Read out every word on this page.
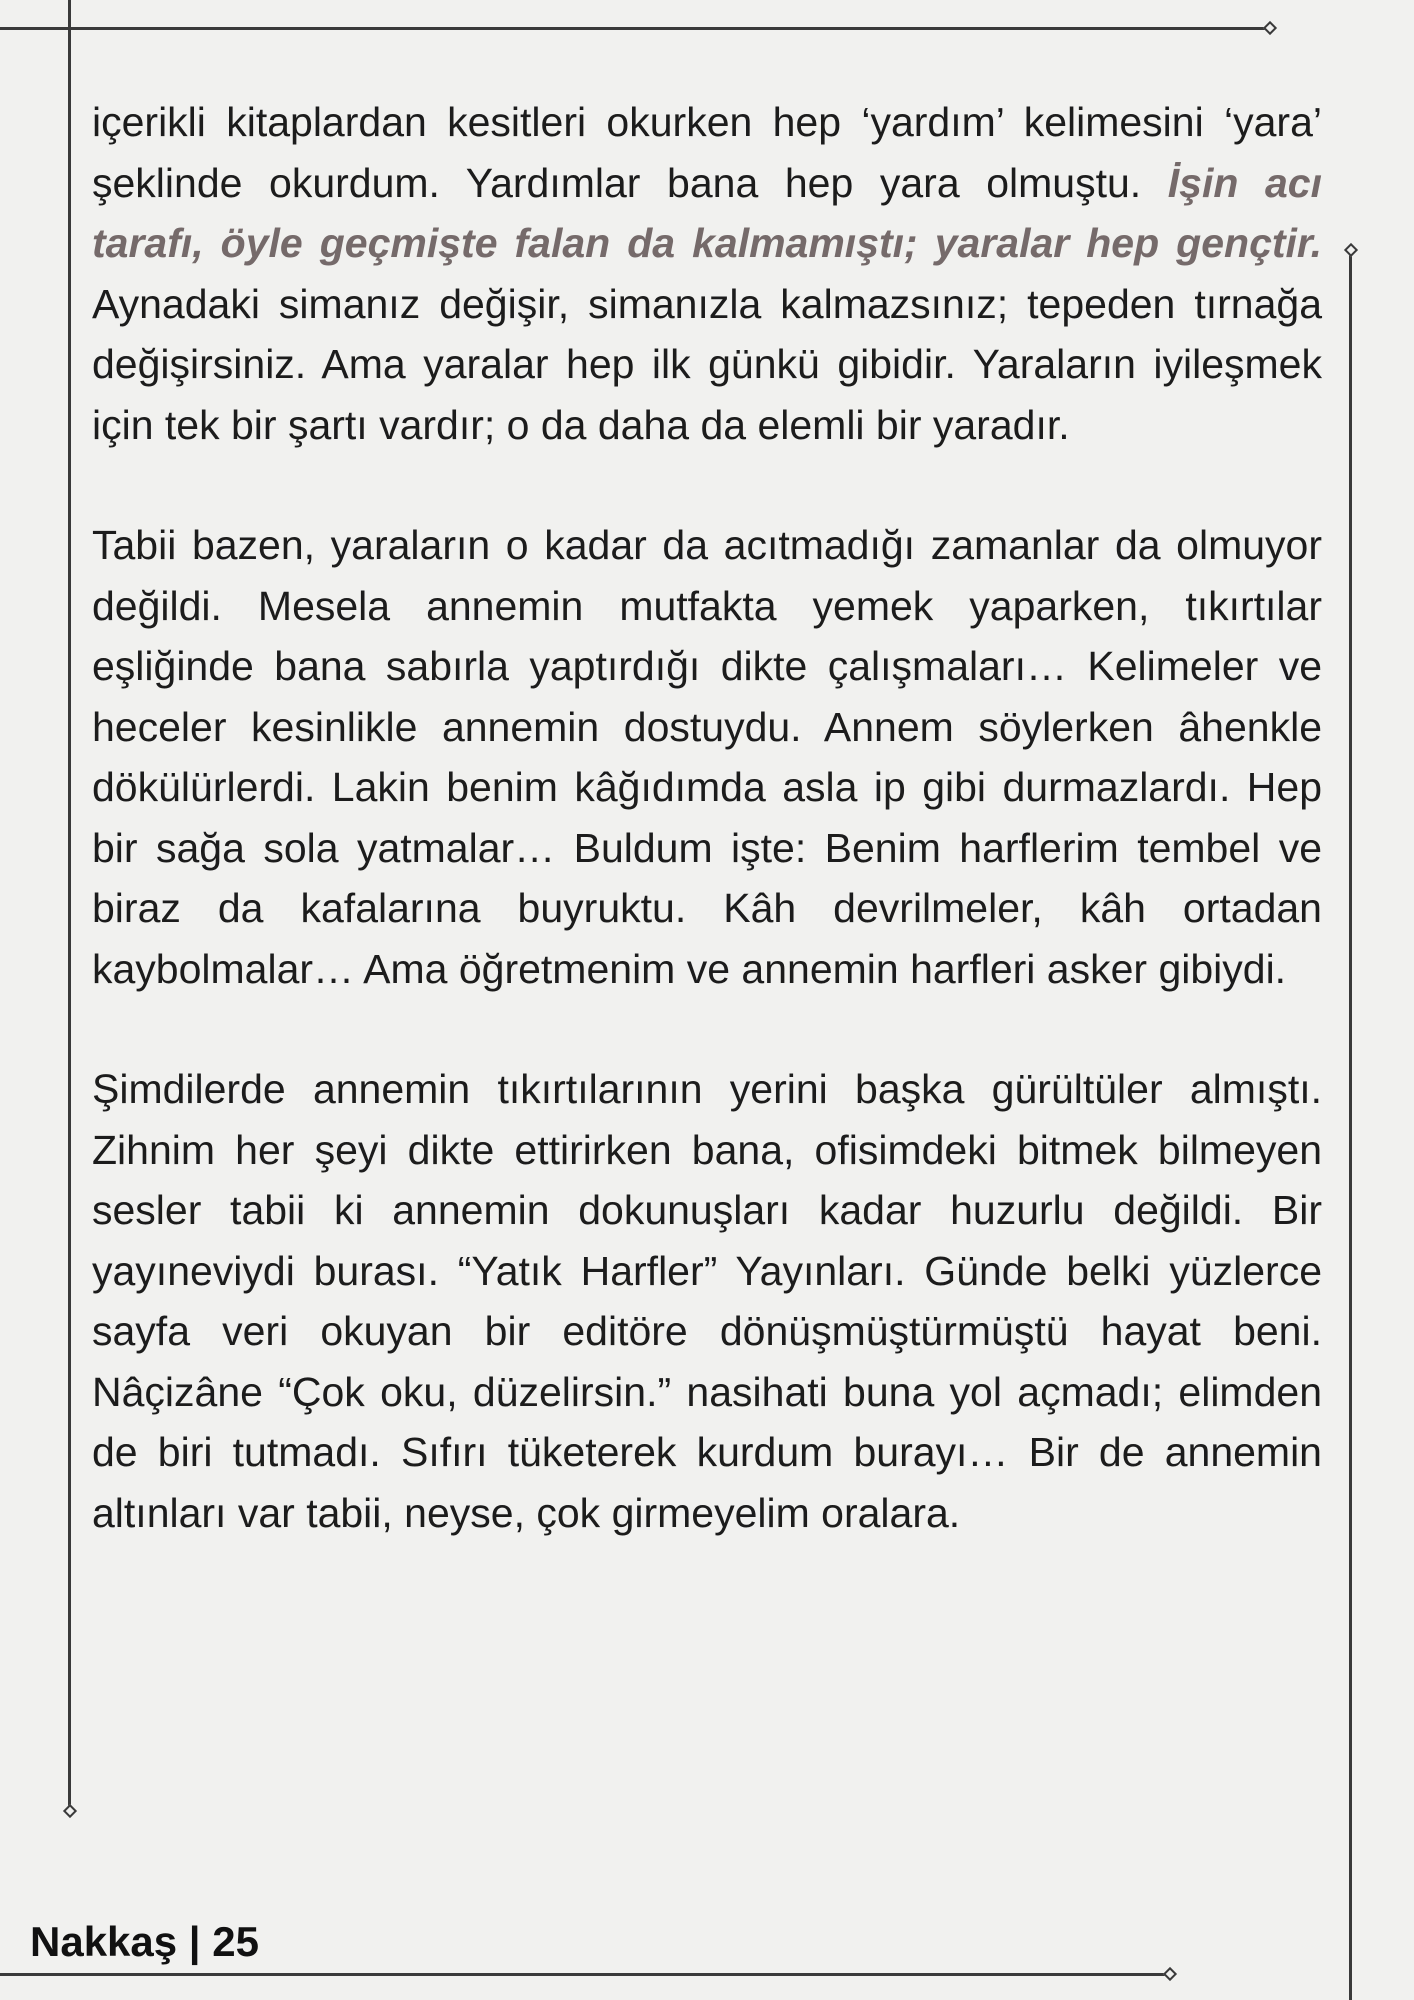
içerikli kitaplardan kesitleri okurken hep ‘yardım’ kelimesini ‘yara’ şeklinde okurdum. Yardımlar bana hep yara olmuştu. İşin acı tarafı, öyle geçmişte falan da kalmamıştı; yaralar hep gençtir. Aynadaki simanız değişir, simanızla kalmazsınız; tepeden tırnağa değişirsiniz. Ama yaralar hep ilk günkü gibidir. Yaraların iyileşmek için tek bir şartı vardır; o da daha da elemli bir yaradır.

Tabii bazen, yaraların o kadar da acıtmadığı zamanlar da olmuyor değildi. Mesela annemin mutfakta yemek yaparken, tıkırtılar eşliğinde bana sabırla yaptırdığı dikte çalışmaları… Kelimeler ve heceler kesinlikle annemin dostuydu. Annem söylerken âhenkle dökülürlerdi. Lakin benim kâğıdımda asla ip gibi durmazlardı. Hep bir sağa sola yatmalar… Buldum işte: Benim harflerim tembel ve biraz da kafalarına buyruktu. Kâh devrilmeler, kâh ortadan kaybolmalar… Ama öğretmenim ve annemin harfleri asker gibiydi.

Şimdilerde annemin tıkırtılarının yerini başka gürültüler almıştı. Zihnim her şeyi dikte ettirirken bana, ofisimdeki bitmek bilmeyen sesler tabii ki annemin dokunuşları kadar huzurlu değildi. Bir yayıneviydi burası. “Yatık Harfler” Yayınları. Günde belki yüzlerce sayfa veri okuyan bir editöre dönüşmüştürmüştü hayat beni. Nâçizâne “Çok oku, düzelirsin.” nasihati buna yol açmadı; elimden de biri tutmadı. Sıfırı tüketerek kurdum burayı… Bir de annemin altınları var tabii, neyse, çok girmeyelim oralara.

Nakkaş | 25
